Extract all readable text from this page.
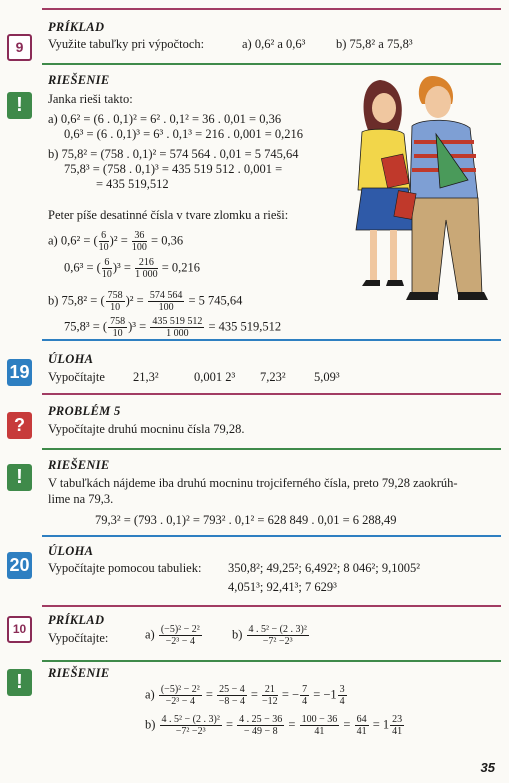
9
PRÍKLAD
Využite tabuľky pri výpočtoch:	a) 0,6² a 0,6³ b) 75,8² a 75,8³
!
RIEŠENIE
Janka rieši takto:
a) 0,6² = (6 . 0,1)² = 6² . 0,1² = 36 . 0,01 = 0,36
0,6³ = (6 . 0,1)³ = 6³ . 0,1³ = 216 . 0,001 = 0,216
b) 75,8² = (758 . 0,1)² = 574 564 . 0,01 = 5 745,64
75,8³ = (758 . 0,1)³ = 435 519 512 . 0,001 =
= 435 519,512
Peter píše desatinné čísla v tvare zlomku a rieši:
a) 0,6² = ( $\frac{6}{10} )^2 = \frac{36}{100} = 0,36$
0,6³ = ( $\frac{6}{10} )^3 = \frac{216}{1 000} = 0,216$
b) 75,8² = ( $\frac{758}{10} )^2 = \frac{574 564}{100} = 5$ 745,64
75,8³ = ( $\frac{758}{10} )^3 = \frac{435 519 512}{1 000} = 435$ 519,512
19
ÚLOHA
Vypočítajte 21,3²	0,001 2³ 7,23² 5,09³
?
PROBLÉM 5
Vypočítajte druhú mocninu čísla 79,28.
!
RIEŠENIE
V tabuľkách nájdeme iba druhú mocninu trojciferného čísla, preto 79,28 zaokrúh-
lime na 79,3.
79,3² = (793 . 0,1)² = 793² . 0,1² = 628 849 . 0,01 = 6 288,49
20
ÚLOHA
Vypočítajte pomocou tabuliek: 350,8²; 49,25²; 6,492²; 8 046²; 9,1005²
4,051³; 92,41³; 7 629³
10
PRÍKLAD
Vypočítajte:	$a) \frac{\text{(−5)² − 2²}}{\text{−2³ − 4}} b) \frac{\text{4 . 5² − (2 . 3)²}}{\text{−7² −2³}}$
!	RIEŠENIE
$a) \frac{\text{(−5)² − 2²}}{\text{−2³ − 4}} = \frac{25 - 4}{-8 - 4} = \frac{21}{-12}$ = − $\frac{7}{4} = -1 \frac{3}{4}$
$b) \frac{\text{4 . 5² − (2 . 3)²}}{\text{−7² −2³}} = \frac{4 . 25 - 36}{- 49 - 8} = \frac{100 - 36}{41} = \frac{64}{41} = 1 \frac{23}{41}$
35
